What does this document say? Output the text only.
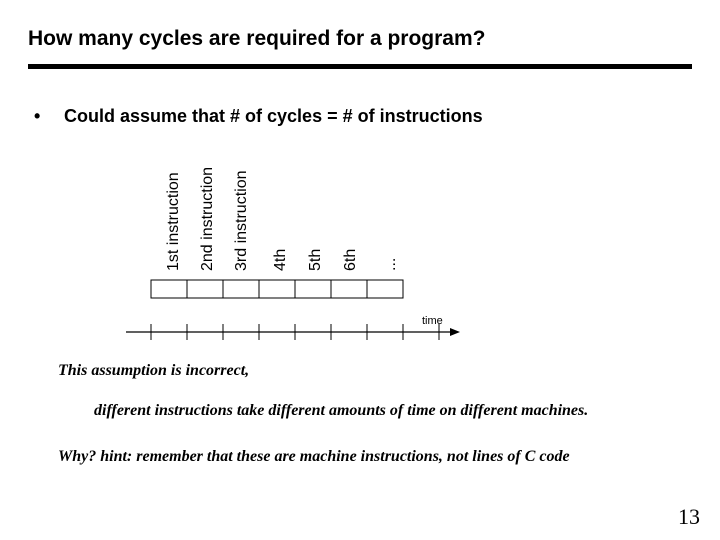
How many cycles are required for a program?
• Could assume that # of cycles = # of instructions
1st instruction 2nd instruction 3rd instruction 4th 5th 6th ...
time
This assumption is incorrect,
different instructions take different amounts of time on different machines.
Why? hint: remember that these are machine instructions, not lines of C code
13
